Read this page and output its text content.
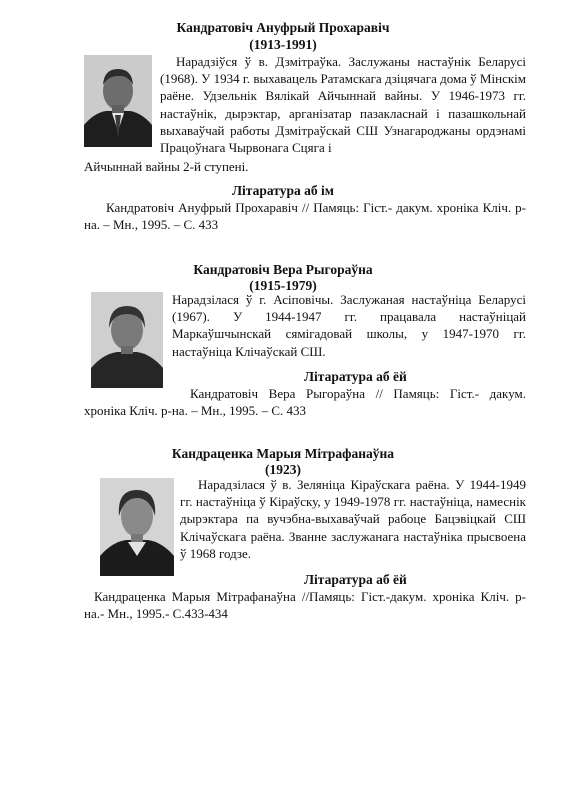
Кандратовіч Ануфрый Прохаравіч
(1913-1991)

Нарадзіўся ў в. Дзмітраўка. Заслужаны настаўнік Беларусі (1968). У 1934 г. выхавацель Ратамскага дзіцячага дома ў Мінскім раёне. Удзельнік Вялікай Айчыннай вайны. У 1946-1973 гг. настаўнік, дырэктар, арганізатар пазакласнай і пазашкольнай выхаваўчай работы Дзмітраўскай СШ Узнагароджаны ордэнамі Працоўнага Чырвонага Сцяга і

Айчыннай вайны 2-й ступені.

Літаратура аб ім

Кандратовіч Ануфрый Прохаравіч // Памяць: Гіст.- дакум. хроніка Кліч. р-на. – Мн., 1995. – С. 433

Кандратовіч Вера Рыгораўна
(1915-1979)

Нарадзілася ў г. Асіповічы. Заслужаная настаўніца Беларусі (1967). У 1944-1947 гг. працавала настаўніцай Маркаўшчынскай сямігадовай школы, у 1947-1970 гг. настаўніца Клічаўскай СШ.

Літаратура аб ёй

Кандратовіч Вера Рыгораўна // Памяць: Гіст.- дакум. хроніка Кліч. р-на. – Мн., 1995. – С. 433

Кандраценка Марыя Мітрафанаўна
(1923)

Нарадзілася ў в. Зеляніца Кіраўскага раёна. У 1944-1949 гг. настаўніца ў Кіраўску, у 1949-1978 гг. настаўніца, намеснік дырэктара па вучэбна-выхаваўчай рабоце Бацэвіцкай СШ Клічаўскага раёна. Званне заслужанага настаўніка прысвоена ў 1968 годзе.

Літаратура аб ёй

Кандраценка Марыя Мітрафанаўна //Памяць: Гіст.-дакум. хроніка Кліч. р-на.- Мн., 1995.- С.433-434
